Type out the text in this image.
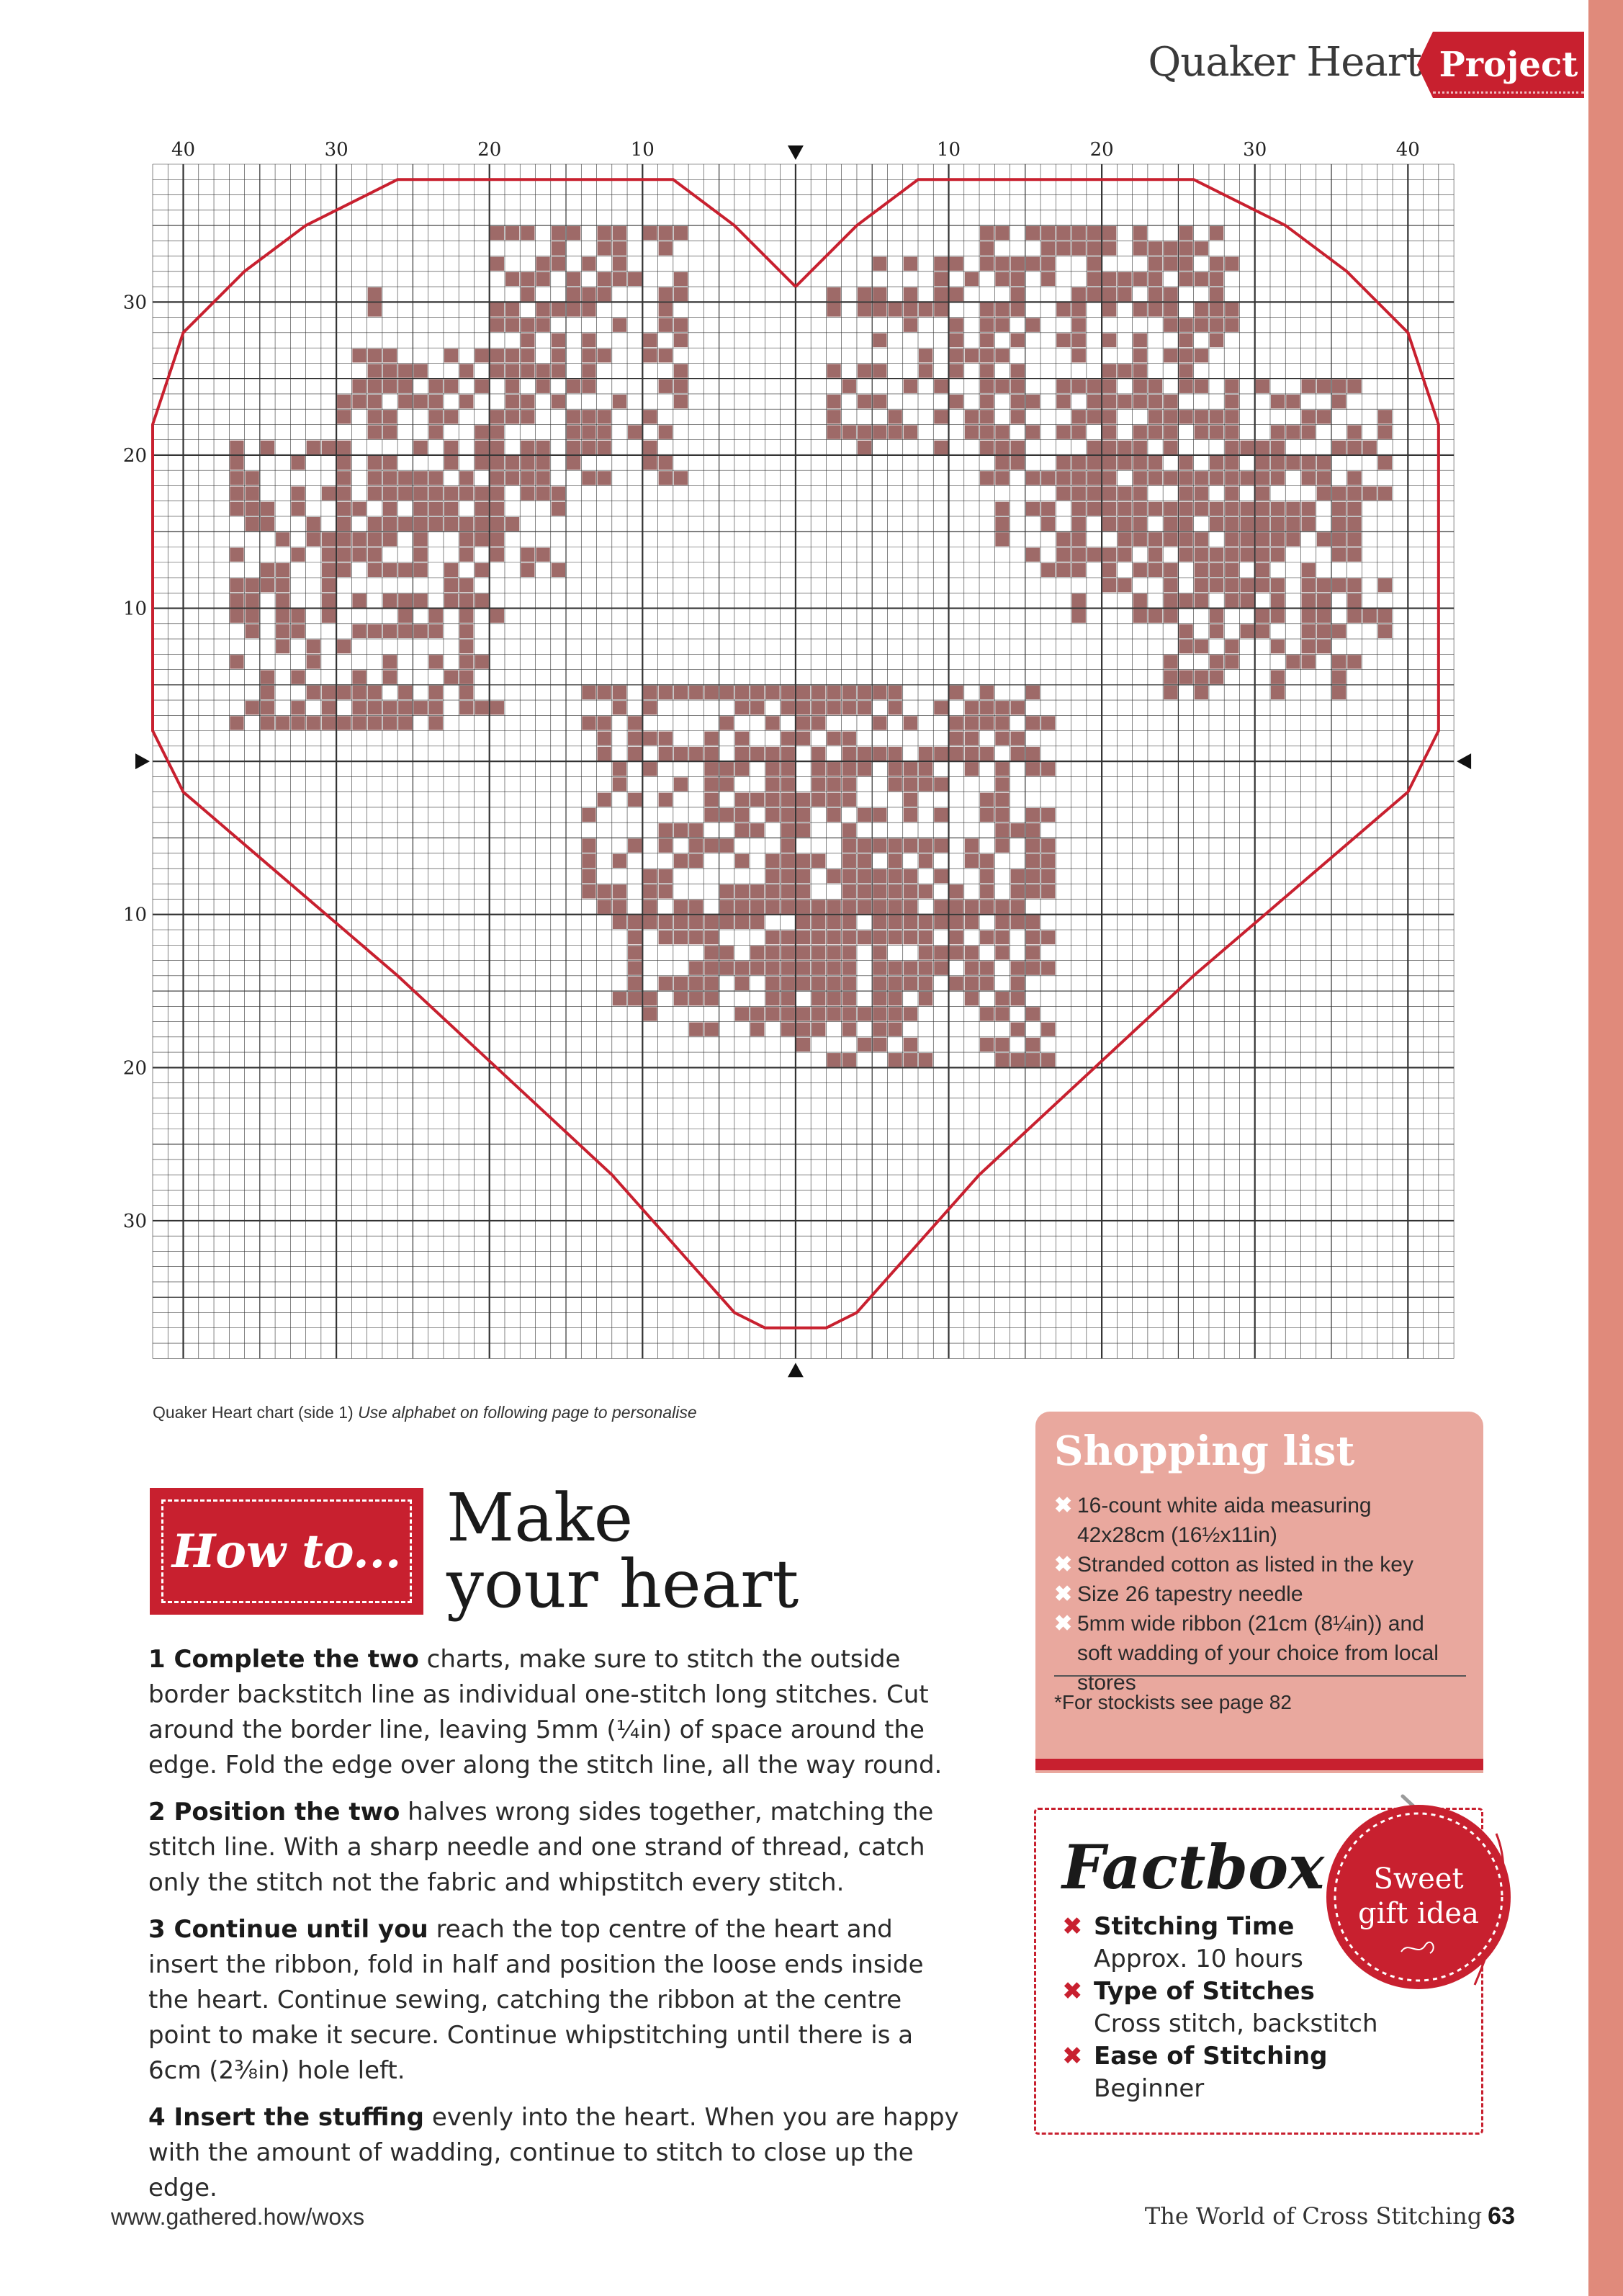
Quaker Heart Project
40	30	20	10	10	20	30	40
30
20
10
10
20
30
Quaker Heart chart (side 1) Use alphabet on following page to personalise
How to... Make
your heart

1 Complete the two charts, make sure to stitch the outside border backstitch line as individual one-stitch long stitches. Cut around the border line, leaving 5mm (¼in) of space around the edge. Fold the edge over along the stitch line, all the way round.

2 Position the two halves wrong sides together, matching the stitch line. With a sharp needle and one strand of thread, catch only the stitch not the fabric and whipstitch every stitch.

3 Continue until you reach the top centre of the heart and insert the ribbon, fold in half and position the loose ends inside the heart. Continue sewing, catching the ribbon at the centre point to make it secure. Continue whipstitching until there is a 6cm (2³⁄₈in) hole left.

4 Insert the stuffing evenly into the heart. When you are happy with the amount of wadding, continue to stitch to close up the edge.

Shopping list
✖ 16-count white aida measuring 42x28cm (16½x11in)
✖ Stranded cotton as listed in the key
✖ Size 26 tapestry needle
✖ 5mm wide ribbon (21cm (8¼in)) and soft wadding of your choice from local stores
*For stockists see page 82
Factbox
✖ Stitching Time
Approx. 10 hours
✖ Type of Stitches
Cross stitch, backstitch
✖ Ease of Stitching
Beginner
Sweet
gift idea
www.gathered.how/woxs	The World of Cross Stitching 63
